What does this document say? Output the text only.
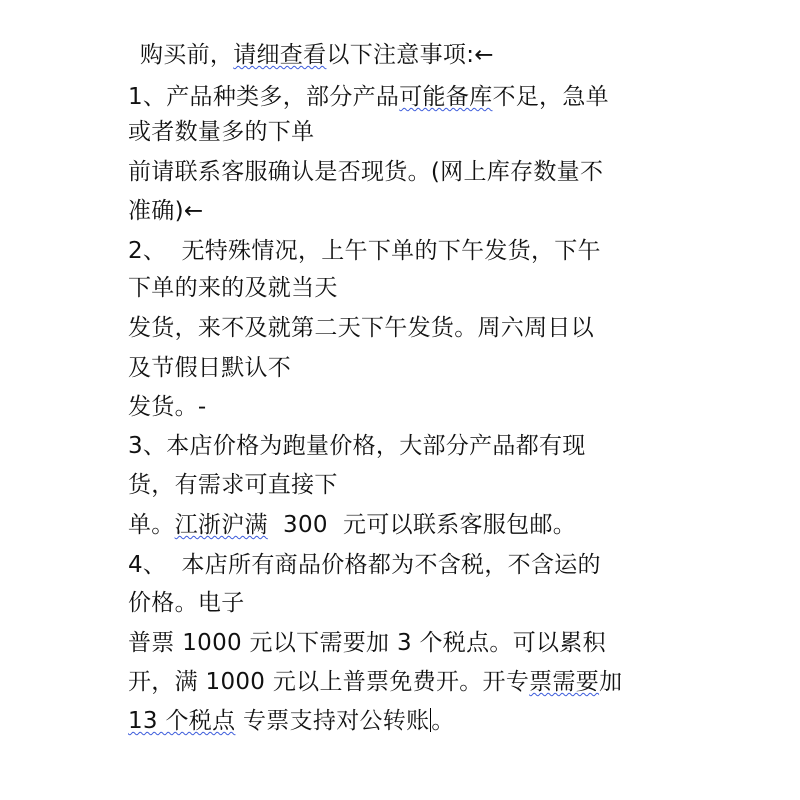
购买前，请细查看以下注意事项:←
1、产品种类多，部分产品可能备库不足，急单
或者数量多的下单
前请联系客服确认是否现货。(网上库存数量不
准确)←
2、  无特殊情况，上午下单的下午发货，下午
下单的来的及就当天
发货，来不及就第二天下午发货。周六周日以
及节假日默认不
发货。-
3、本店价格为跑量价格，大部分产品都有现
货，有需求可直接下
单。江浙沪满  300  元可以联系客服包邮。
4、  本店所有商品价格都为不含税，不含运的
价格。电子
普票 1000 元以下需要加 3 个税点。可以累积
开，满 1000 元以上普票免费开。开专票需要加
13 个税点 专票支持对公转账。
